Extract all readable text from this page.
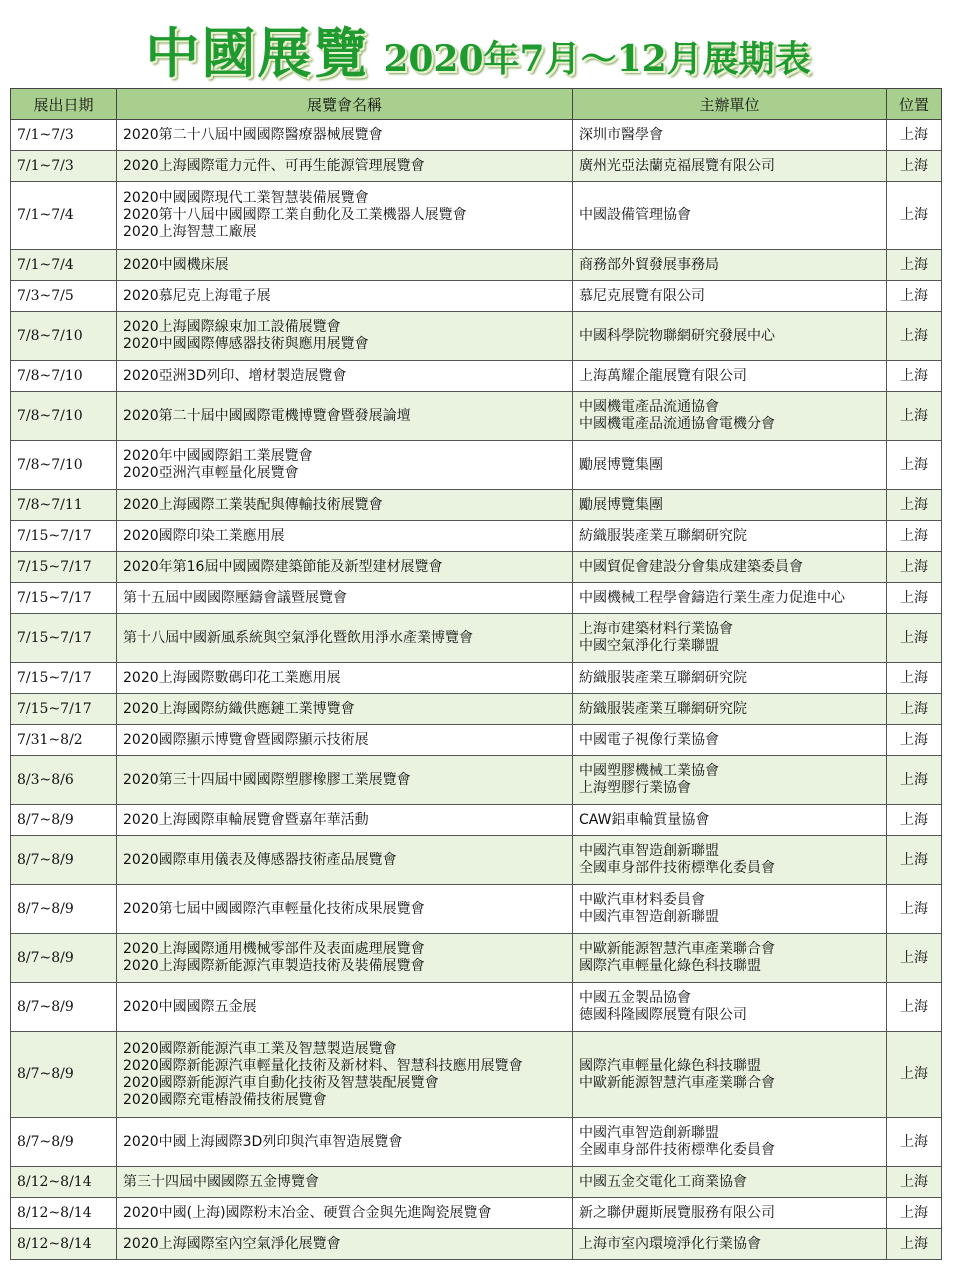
中國展覽 2020年7月～12月展期表
展出日期	展覽會名稱	主辦單位	位置
7/1~7/3	2020第二十八屆中國國際醫療器械展覽會	深圳市醫學會	上海
7/1~7/3	2020上海國際電力元件、可再生能源管理展覽會	廣州光亞法蘭克福展覽有限公司	上海
7/1~7/4	2020中國國際現代工業智慧裝備展覽會
2020第十八屆中國國際工業自動化及工業機器人展覽會
2020上海智慧工廠展	中國設備管理協會	上海
7/1~7/4	2020中國機床展	商務部外貿發展事務局	上海
7/3~7/5	2020慕尼克上海電子展	慕尼克展覽有限公司	上海
7/8~7/10	2020上海國際線束加工設備展覽會
2020中國國際傳感器技術與應用展覽會	中國科學院物聯網研究發展中心	上海
7/8~7/10	2020亞洲3D列印、增材製造展覽會	上海萬耀企龍展覽有限公司	上海
7/8~7/10	2020第二十屆中國國際電機博覽會暨發展論壇	中國機電產品流通協會
中國機電產品流通協會電機分會	上海
7/8~7/10	2020年中國國際鋁工業展覽會
2020亞洲汽車輕量化展覽會	勵展博覽集團	上海
7/8~7/11	2020上海國際工業裝配與傳輸技術展覽會	勵展博覽集團	上海
7/15~7/17	2020國際印染工業應用展	紡織服裝產業互聯網研究院	上海
7/15~7/17	2020年第16屆中國國際建築節能及新型建材展覽會	中國貿促會建設分會集成建築委員會	上海
7/15~7/17	第十五屆中國國際壓鑄會議暨展覽會	中國機械工程學會鑄造行業生產力促進中心	上海
7/15~7/17	第十八屆中國新風系統與空氣淨化暨飲用淨水產業博覽會	上海市建築材料行業協會
中國空氣淨化行業聯盟	上海
7/15~7/17	2020上海國際數碼印花工業應用展	紡織服裝產業互聯網研究院	上海
7/15~7/17	2020上海國際紡織供應鏈工業博覽會	紡織服裝產業互聯網研究院	上海
7/31~8/2	2020國際顯示博覽會暨國際顯示技術展	中國電子視像行業協會	上海
8/3~8/6	2020第三十四屆中國國際塑膠橡膠工業展覽會	中國塑膠機械工業協會
上海塑膠行業協會	上海
8/7~8/9	2020上海國際車輪展覽會暨嘉年華活動	CAW鋁車輪質量協會	上海
8/7~8/9	2020國際車用儀表及傳感器技術產品展覽會	中國汽車智造創新聯盟
全國車身部件技術標準化委員會	上海
8/7~8/9	2020第七屆中國國際汽車輕量化技術成果展覽會	中歐汽車材料委員會
中國汽車智造創新聯盟	上海
8/7~8/9	2020上海國際通用機械零部件及表面處理展覽會
2020上海國際新能源汽車製造技術及裝備展覽會	中歐新能源智慧汽車產業聯合會
國際汽車輕量化綠色科技聯盟	上海
8/7~8/9	2020中國國際五金展	中國五金製品協會
德國科隆國際展覽有限公司	上海
8/7~8/9	2020國際新能源汽車工業及智慧製造展覽會
2020國際新能源汽車輕量化技術及新材料、智慧科技應用展覽會
2020國際新能源汽車自動化技術及智慧裝配展覽會
2020國際充電樁設備技術展覽會	國際汽車輕量化綠色科技聯盟
中歐新能源智慧汽車產業聯合會	上海
8/7~8/9	2020中國上海國際3D列印與汽車智造展覽會	中國汽車智造創新聯盟
全國車身部件技術標準化委員會	上海
8/12~8/14	第三十四屆中國國際五金博覽會	中國五金交電化工商業協會	上海
8/12~8/14	2020中國(上海)國際粉末冶金、硬質合金與先進陶瓷展覽會	新之聯伊麗斯展覽服務有限公司	上海
8/12~8/14	2020上海國際室內空氣淨化展覽會	上海市室內環境淨化行業協會	上海
